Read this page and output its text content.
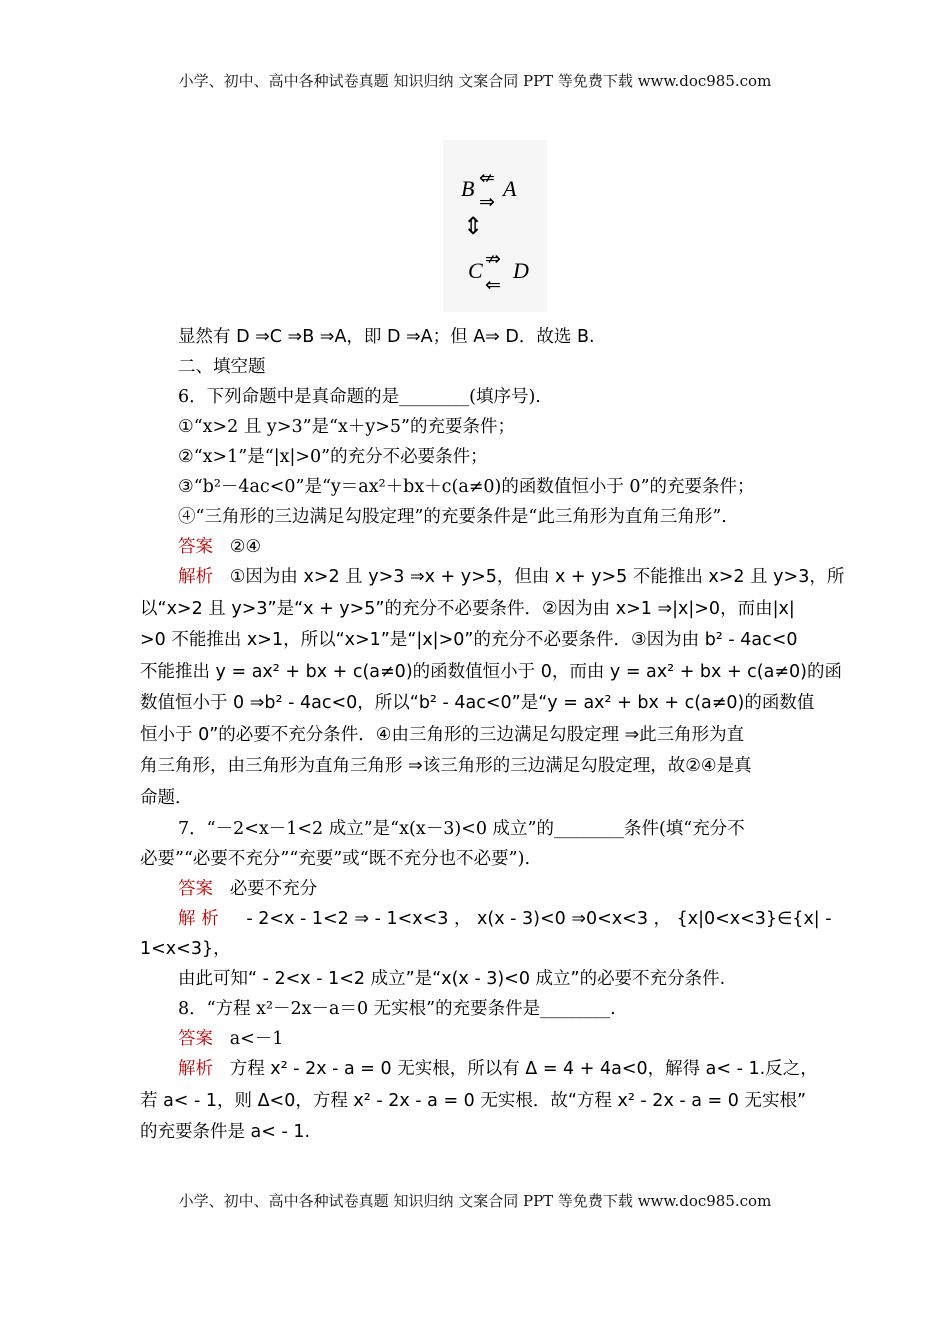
小学、初中、高中各种试卷真题 知识归纳 文案合同 PPT 等免费下载 www.doc985.com
B ⇍
⇒
A
⇕
C ⇏
⇐
D

显然有 D ⇒C ⇒B ⇒A，即 D ⇒A；但 A⇒ D．故选 B.

二、填空题

6．下列命题中是真命题的是________(填序号).

①“x>2 且 y>3”是“x＋y>5”的充要条件；

②“x>1”是“|x|>0”的充分不必要条件；

③“b²－4ac<0”是“y＝ax²＋bx＋c(a≠0)的函数值恒小于 0”的充要条件；

④“三角形的三边满足勾股定理”的充要条件是“此三角形为直角三角形”.

答案 ②④

解析 ①因为由 x>2 且 y>3 ⇒x + y>5，但由 x + y>5 不能推出 x>2 且 y>3，所

以“x>2 且 y>3”是“x + y>5”的充分不必要条件．②因为由 x>1 ⇒|x|>0，而由|x|

>0 不能推出 x>1，所以“x>1”是“|x|>0”的充分不必要条件．③因为由 b² - 4ac<0

不能推出 y = ax² + bx + c(a≠0)的函数值恒小于 0，而由 y = ax² + bx + c(a≠0)的函

数值恒小于 0 ⇒b² - 4ac<0，所以“b² - 4ac<0”是“y = ax² + bx + c(a≠0)的函数值

恒小于 0”的必要不充分条件．④由三角形的三边满足勾股定理 ⇒此三角形为直

角三角形，由三角形为直角三角形 ⇒该三角形的三边满足勾股定理，故②④是真

命题．

7．“－2<x－1<2 成立”是“x(x－3)<0 成立”的________条件(填“充分不

必要”“必要不充分”“充要”或“既不充分也不必要”).

答案 必要不充分

解 析 - 2<x - 1<2 ⇒ - 1<x<3 ， x(x - 3)<0 ⇒0<x<3 ， {x|0<x<3}∈{x| -

1<x<3}，

由此可知“ - 2<x - 1<2 成立”是“x(x - 3)<0 成立”的必要不充分条件.

8．“方程 x²－2x－a＝0 无实根”的充要条件是________.

答案 a<－1

解析 方程 x² - 2x - a = 0 无实根，所以有 Δ = 4 + 4a<0，解得 a< - 1.反之，

若 a< - 1，则 Δ<0，方程 x² - 2x - a = 0 无实根．故“方程 x² - 2x - a = 0 无实根”

的充要条件是 a< - 1.

小学、初中、高中各种试卷真题 知识归纳 文案合同 PPT 等免费下载 www.doc985.com
